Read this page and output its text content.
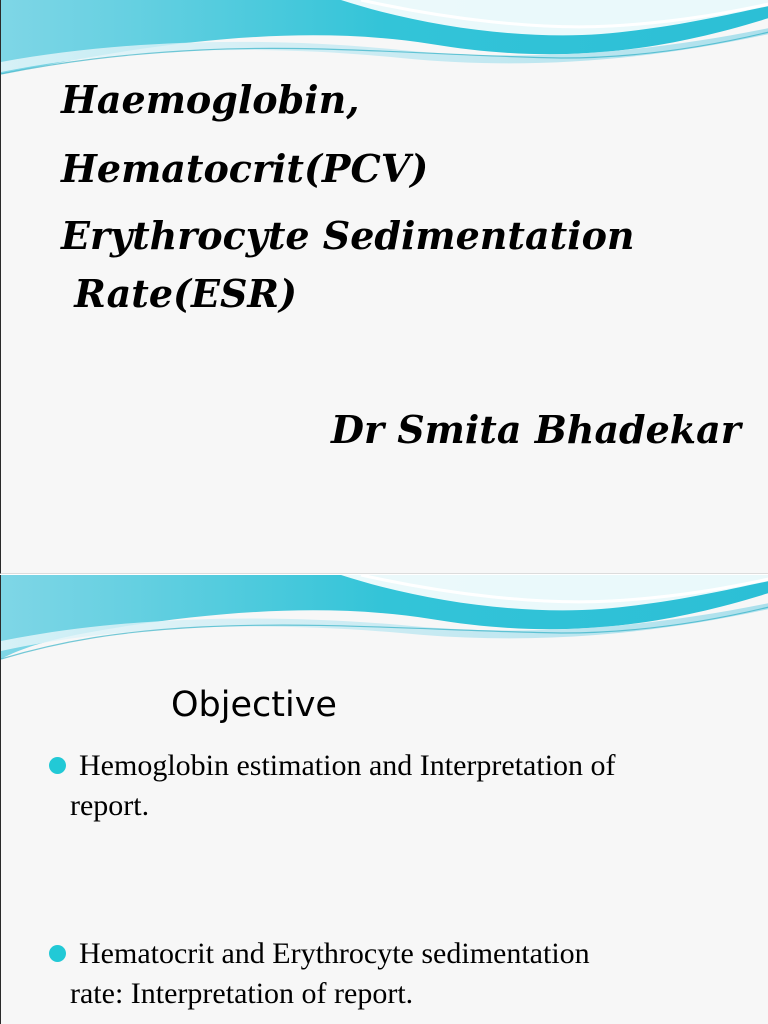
Haemoglobin,
Hematocrit(PCV)
Erythrocyte Sedimentation
Rate(ESR)

Dr Smita Bhadekar

Objective

Hemoglobin estimation and Interpretation of
report.

Hematocrit and Erythrocyte sedimentation
rate: Interpretation of report.
